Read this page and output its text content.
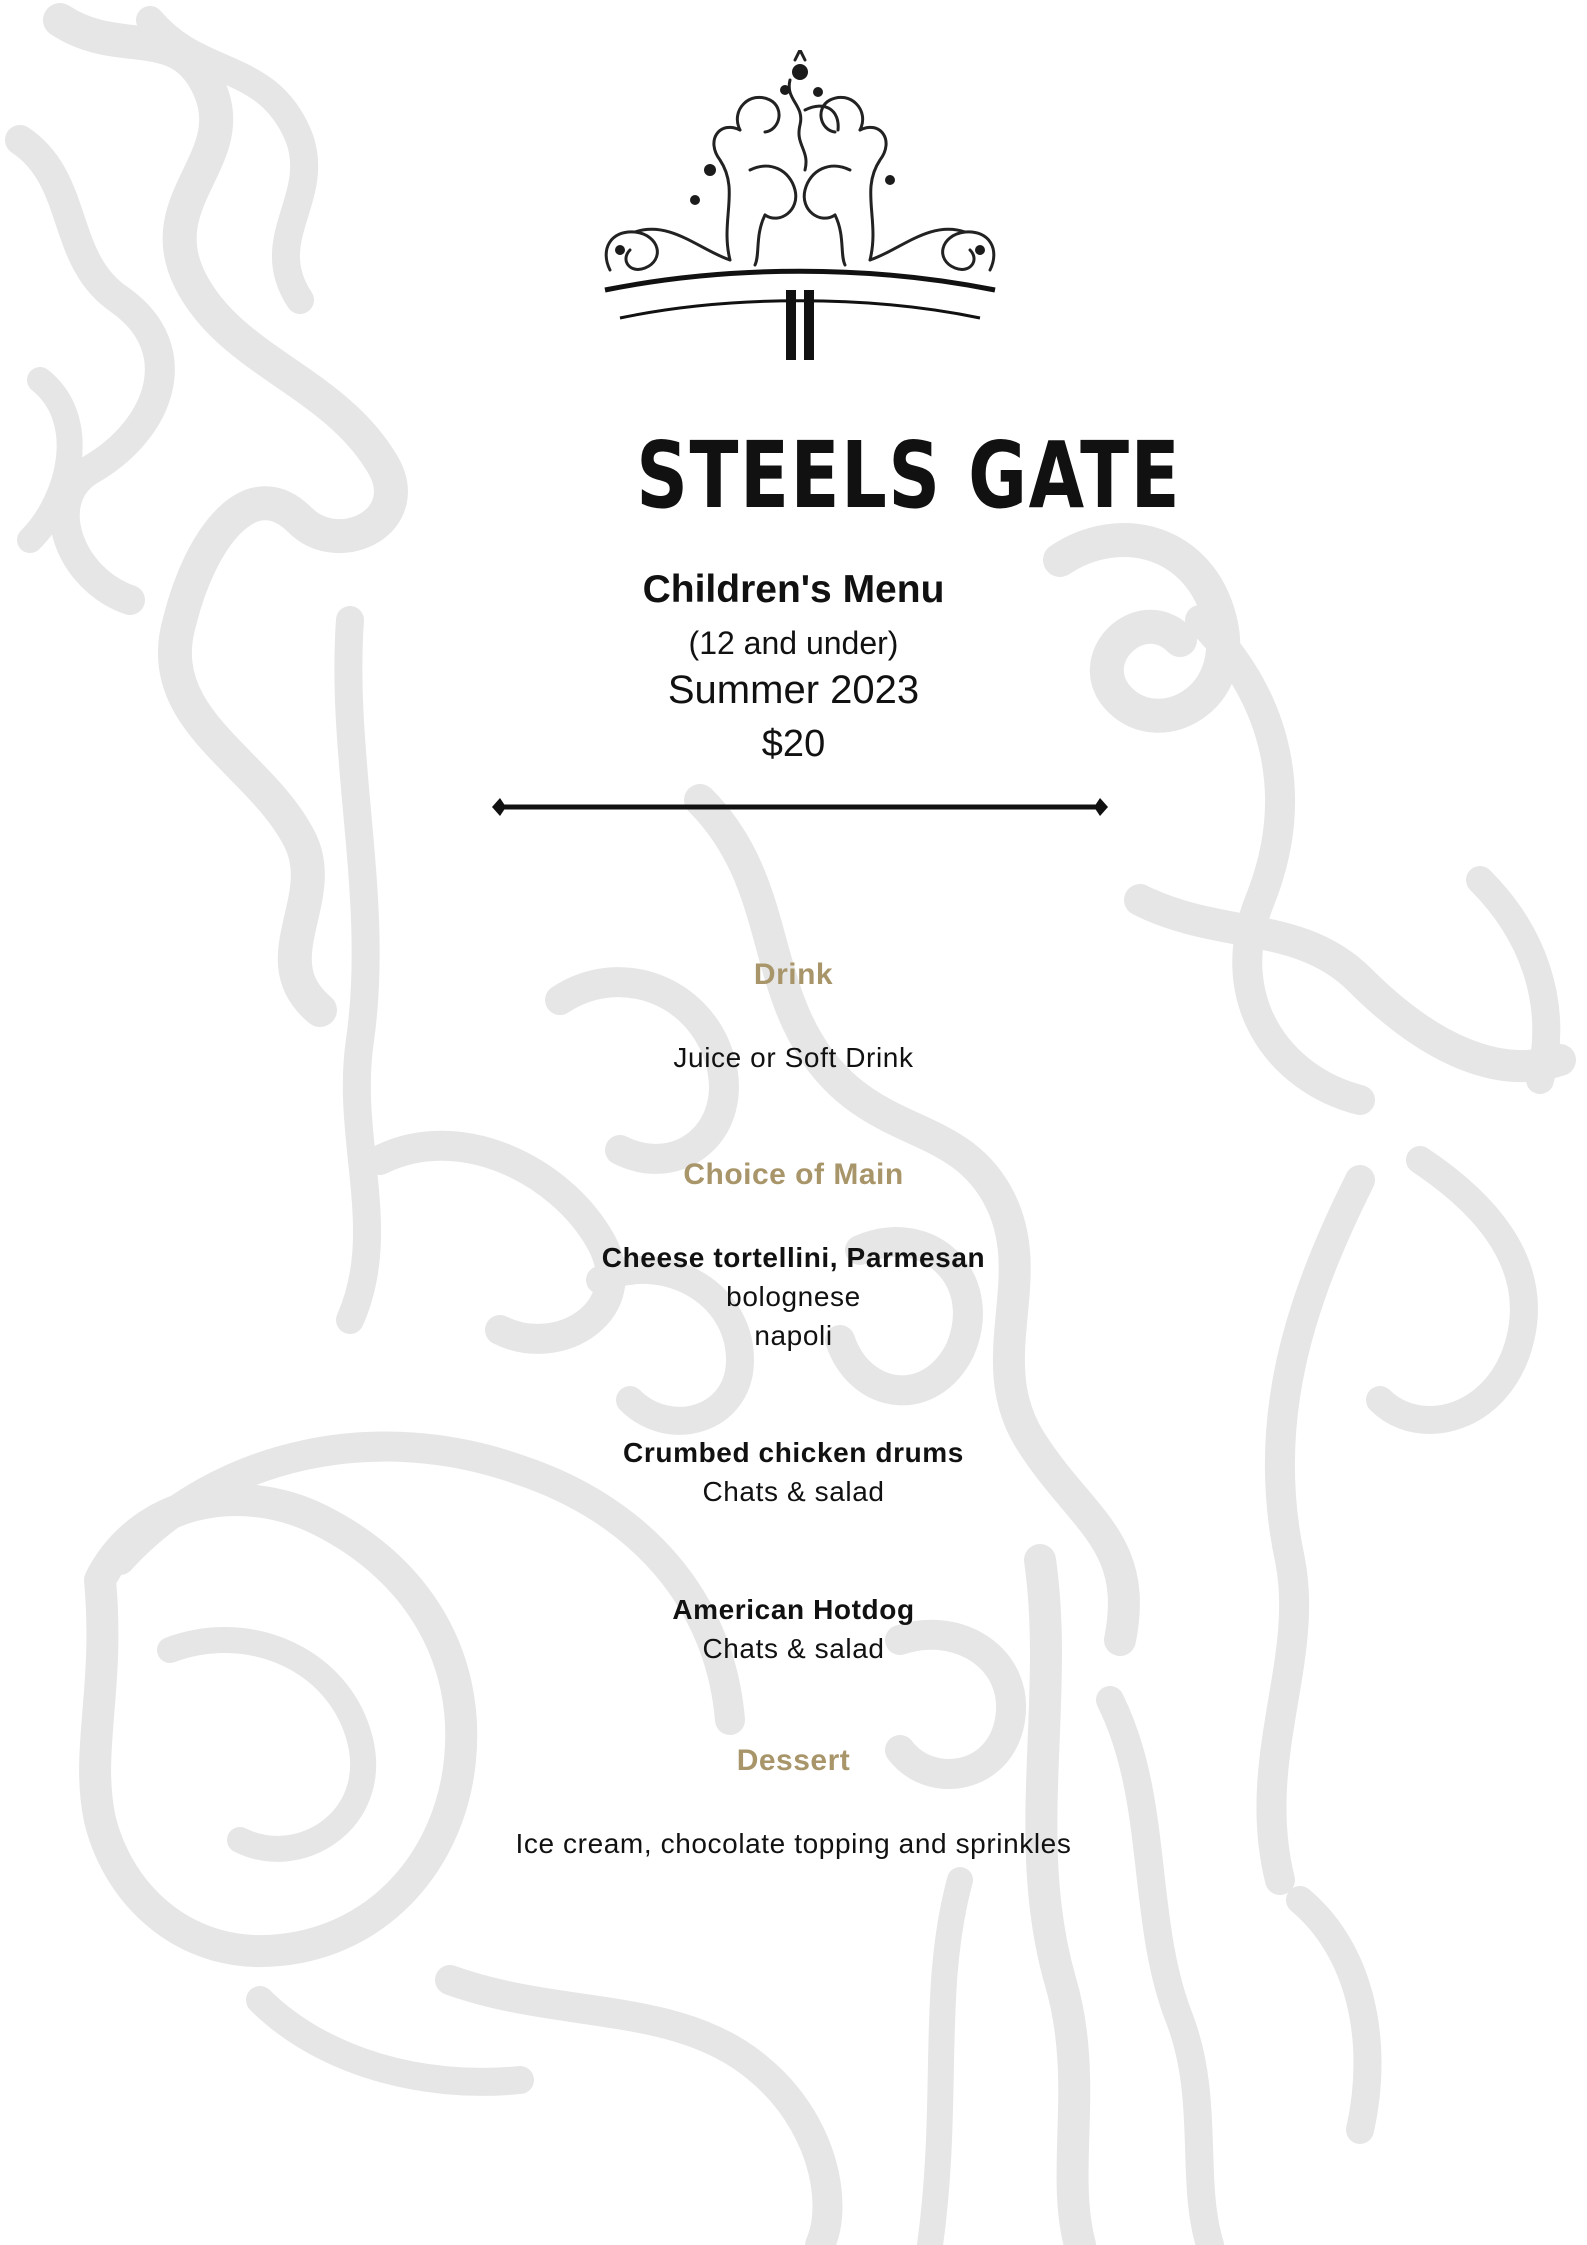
STEELS GATE
Children's Menu
(12 and under)
Summer 2023
$20
Drink
Juice or Soft Drink
Choice of Main
Cheese tortellini, Parmesan
bolognese
napoli
Crumbed chicken drums
Chats & salad
American Hotdog
Chats & salad
Dessert
Ice cream, chocolate topping and sprinkles
